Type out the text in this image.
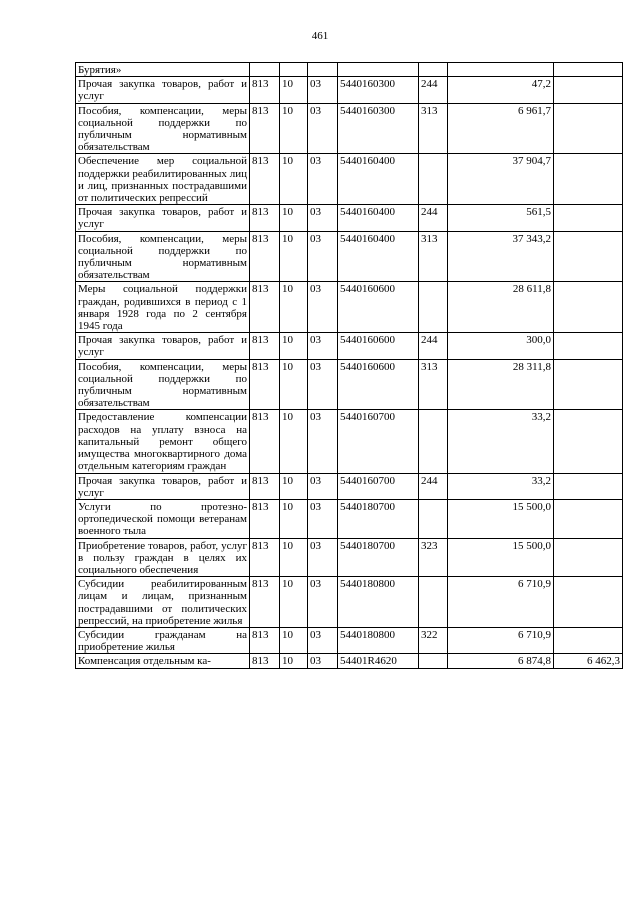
461
Бурятия»							
Прочая закупка товаров, работ и услуг	813	10	03	5440160300	244	47,2	
Пособия, компенсации, меры социальной поддержки по публичным нормативным обязательствам	813	10	03	5440160300	313	6 961,7	
Обеспечение мер социальной поддержки реабилитированных лиц и лиц, признанных пострадавшими от политических репрессий	813	10	03	5440160400		37 904,7	
Прочая закупка товаров, работ и услуг	813	10	03	5440160400	244	561,5	
Пособия, компенсации, меры социальной поддержки по публичным нормативным обязательствам	813	10	03	5440160400	313	37 343,2	
Меры социальной поддержки граждан, родившихся в период с 1 января 1928 года по 2 сентября 1945 года	813	10	03	5440160600		28 611,8	
Прочая закупка товаров, работ и услуг	813	10	03	5440160600	244	300,0	
Пособия, компенсации, меры социальной поддержки по публичным нормативным обязательствам	813	10	03	5440160600	313	28 311,8	
Предоставление компенсации расходов на уплату взноса на капитальный ремонт общего имущества многоквартирного дома отдельным категориям граждан	813	10	03	5440160700		33,2	
Прочая закупка товаров, работ и услуг	813	10	03	5440160700	244	33,2	
Услуги по протезно-ортопедической помощи ветеранам военного тыла	813	10	03	5440180700		15 500,0	
Приобретение товаров, работ, услуг в пользу граждан в целях их социального обеспечения	813	10	03	5440180700	323	15 500,0	
Субсидии реабилитированным лицам и лицам, признанным пострадавшими от политических репрессий, на приобретение жилья	813	10	03	5440180800		6 710,9	
Субсидии гражданам на приобретение жилья	813	10	03	5440180800	322	6 710,9	
Компенсация отдельным ка-	813	10	03	54401R4620		6 874,8	6 462,3
